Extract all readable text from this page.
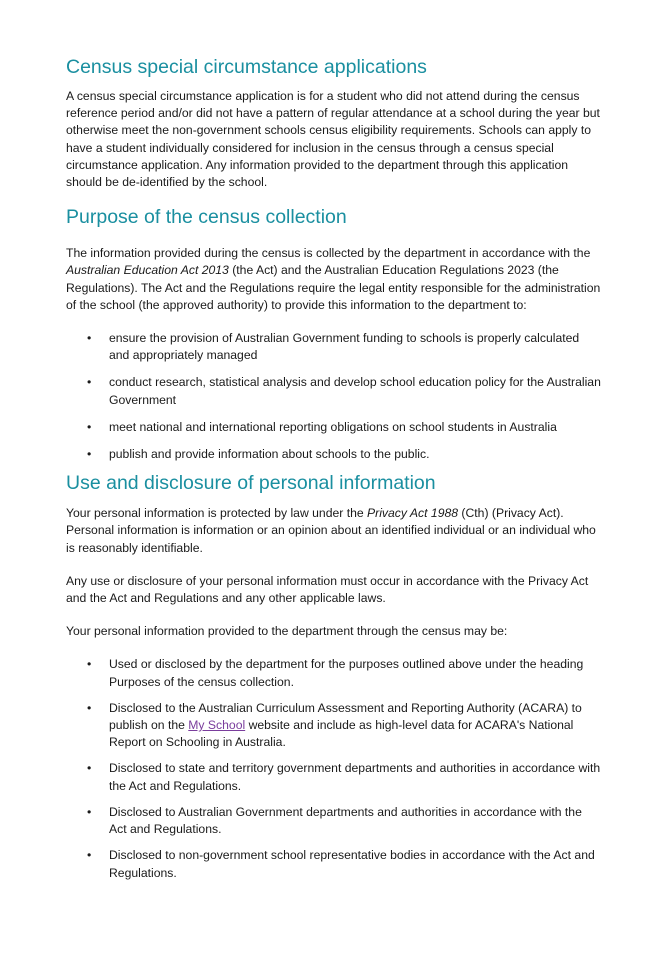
Census special circumstance applications

A census special circumstance application is for a student who did not attend during the census reference period and/or did not have a pattern of regular attendance at a school during the year but otherwise meet the non-government schools census eligibility requirements. Schools can apply to have a student individually considered for inclusion in the census through a census special circumstance application. Any information provided to the department through this application should be de-identified by the school.

Purpose of the census collection

The information provided during the census is collected by the department in accordance with the Australian Education Act 2013 (the Act) and the Australian Education Regulations 2023 (the Regulations). The Act and the Regulations require the legal entity responsible for the administration of the school (the approved authority) to provide this information to the department to:

• ensure the provision of Australian Government funding to schools is properly calculated and appropriately managed
• conduct research, statistical analysis and develop school education policy for the Australian Government
• meet national and international reporting obligations on school students in Australia
• publish and provide information about schools to the public.
Use and disclosure of personal information

Your personal information is protected by law under the Privacy Act 1988 (Cth) (Privacy Act). Personal information is information or an opinion about an identified individual or an individual who is reasonably identifiable.

Any use or disclosure of your personal information must occur in accordance with the Privacy Act and the Act and Regulations and any other applicable laws.

Your personal information provided to the department through the census may be:

• Used or disclosed by the department for the purposes outlined above under the heading Purposes of the census collection.
• Disclosed to the Australian Curriculum Assessment and Reporting Authority (ACARA) to publish on the My School website and include as high-level data for ACARA's National Report on Schooling in Australia.
• Disclosed to state and territory government departments and authorities in accordance with the Act and Regulations.
• Disclosed to Australian Government departments and authorities in accordance with the Act and Regulations.
• Disclosed to non-government school representative bodies in accordance with the Act and Regulations.
